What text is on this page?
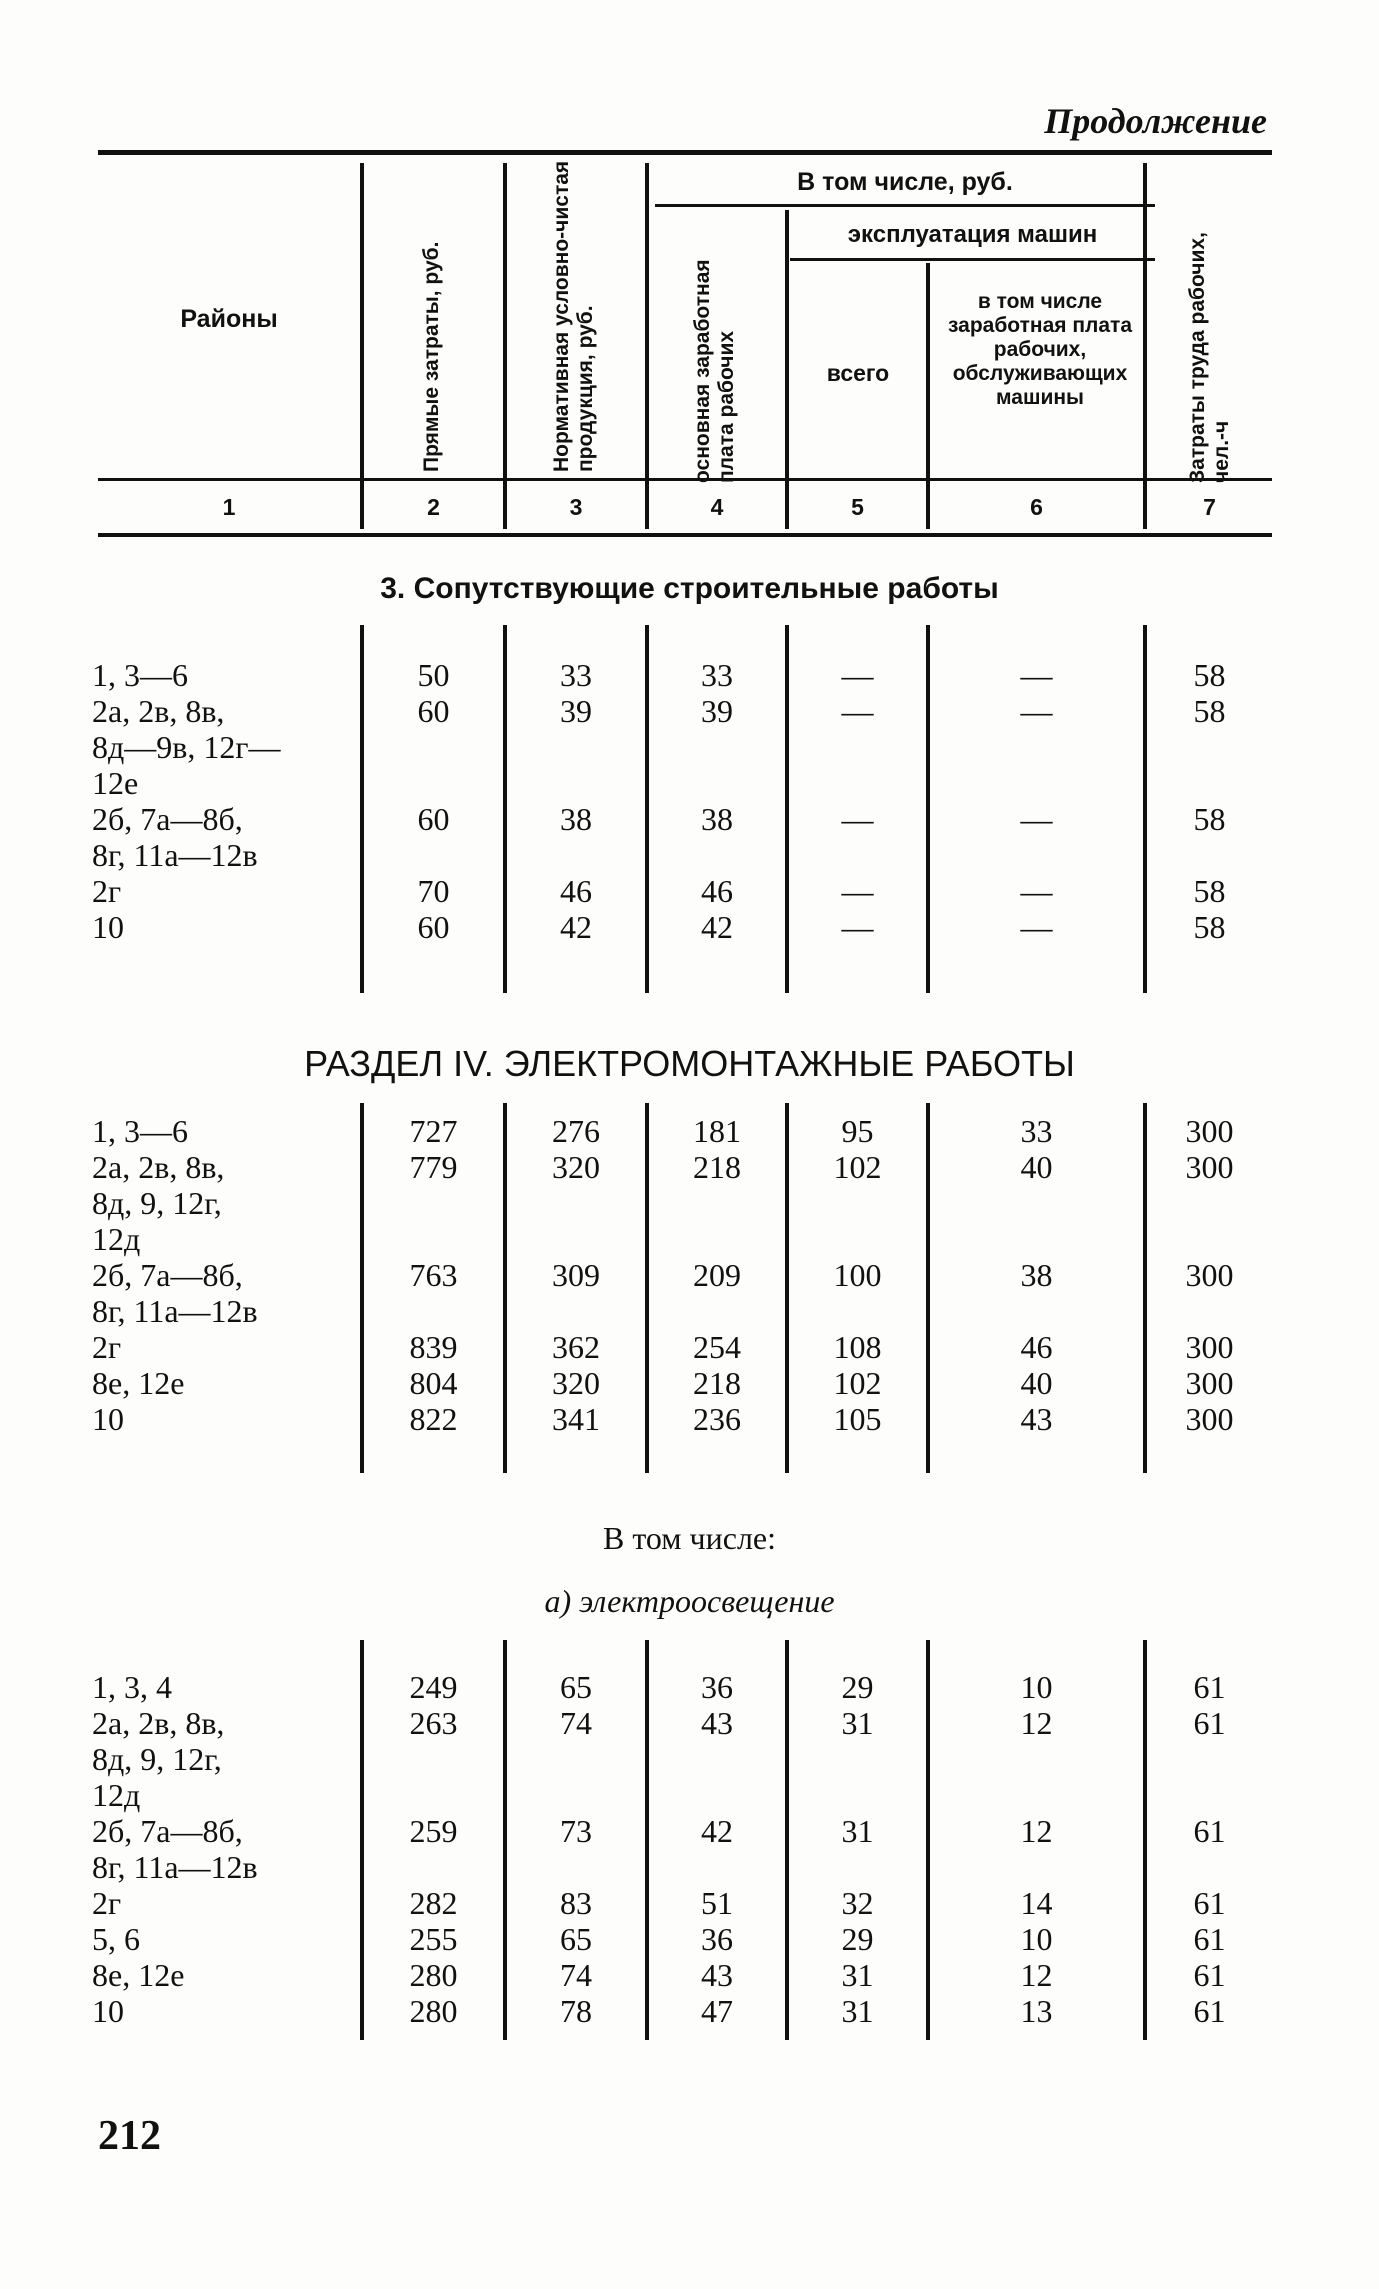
Продолжение
Районы	Прямые затраты, руб.	Нормативная условно-чистая продукция, руб.
В том числе, руб.
основная заработная плата рабочих
эксплуатация машин
всего
в том числе заработная плата рабочих, обслуживающих машины	Затраты труда рабочих, чел.-ч
1	2	3	4	5	6	7
3. Сопутствующие строительные работы
1, 3—6	50	33	33	—	—	58
2а, 2в, 8в,	60	39	39	—	—	58
8д—9в, 12г—
12е
2б, 7а—8б,	60	38	38	—	—	58
8г, 11а—12в
2г	70	46	46	—	—	58
10	60	42	42	—	—	58
РАЗДЕЛ IV. ЭЛЕКТРОМОНТАЖНЫЕ РАБОТЫ
1, 3—6	727	276	181	95	33	300
2а, 2в, 8в,	779	320	218	102	40	300
8д, 9, 12г,
12д
2б, 7а—8б,	763	309	209	100	38	300
8г, 11а—12в
2г	839	362	254	108	46	300
8е, 12е	804	320	218	102	40	300
10	822	341	236	105	43	300
В том числе:
а) электроосвещение
1, 3, 4	249	65	36	29	10	61
2а, 2в, 8в,	263	74	43	31	12	61
8д, 9, 12г,
12д
2б, 7а—8б,	259	73	42	31	12	61
8г, 11а—12в
2г	282	83	51	32	14	61
5, 6	255	65	36	29	10	61
8е, 12е	280	74	43	31	12	61
10	280	78	47	31	13	61
212
